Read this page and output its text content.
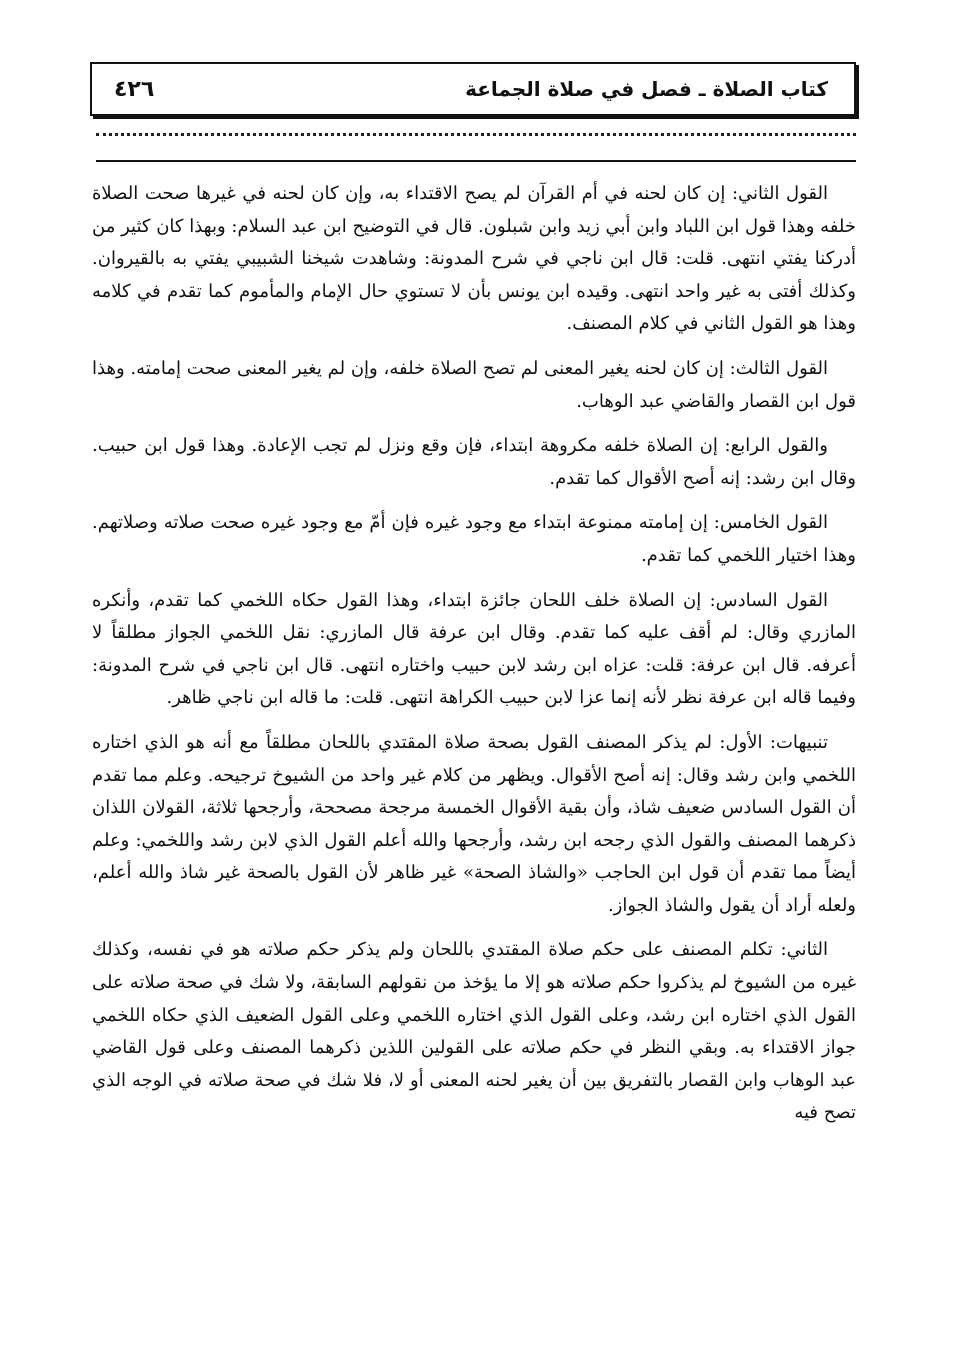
كتاب الصلاة ـ فصل في صلاة الجماعة
٤٢٦

القول الثاني: إن كان لحنه في أم القرآن لم يصح الاقتداء به، وإن كان لحنه في غيرها صحت الصلاة خلفه وهذا قول ابن اللباد وابن أبي زيد وابن شبلون. قال في التوضيح ابن عبد السلام: وبهذا كان كثير من أدركنا يفتي انتهى. قلت: قال ابن ناجي في شرح المدونة: وشاهدت شيخنا الشبيبي يفتي به بالقيروان. وكذلك أفتى به غير واحد انتهى. وقيده ابن يونس بأن لا تستوي حال الإمام والمأموم كما تقدم في كلامه وهذا هو القول الثاني في كلام المصنف.

القول الثالث: إن كان لحنه يغير المعنى لم تصح الصلاة خلفه، وإن لم يغير المعنى صحت إمامته. وهذا قول ابن القصار والقاضي عبد الوهاب.

والقول الرابع: إن الصلاة خلفه مكروهة ابتداء، فإن وقع ونزل لم تجب الإعادة. وهذا قول ابن حبيب. وقال ابن رشد: إنه أصح الأقوال كما تقدم.

القول الخامس: إن إمامته ممنوعة ابتداء مع وجود غيره فإن أمّ مع وجود غيره صحت صلاته وصلاتهم. وهذا اختيار اللخمي كما تقدم.

القول السادس: إن الصلاة خلف اللحان جائزة ابتداء، وهذا القول حكاه اللخمي كما تقدم، وأنكره المازري وقال: لم أقف عليه كما تقدم. وقال ابن عرفة قال المازري: نقل اللخمي الجواز مطلقاً لا أعرفه. قال ابن عرفة: قلت: عزاه ابن رشد لابن حبيب واختاره انتهى. قال ابن ناجي في شرح المدونة: وفيما قاله ابن عرفة نظر لأنه إنما عزا لابن حبيب الكراهة انتهى. قلت: ما قاله ابن ناجي ظاهر.

تنبيهات: الأول: لم يذكر المصنف القول بصحة صلاة المقتدي باللحان مطلقاً مع أنه هو الذي اختاره اللخمي وابن رشد وقال: إنه أصح الأقوال. ويظهر من كلام غير واحد من الشيوخ ترجيحه. وعلم مما تقدم أن القول السادس ضعيف شاذ، وأن بقية الأقوال الخمسة مرجحة مصححة، وأرجحها ثلاثة، القولان اللذان ذكرهما المصنف والقول الذي رجحه ابن رشد، وأرجحها والله أعلم القول الذي لابن رشد واللخمي: وعلم أيضاً مما تقدم أن قول ابن الحاجب «والشاذ الصحة» غير ظاهر لأن القول بالصحة غير شاذ والله أعلم، ولعله أراد أن يقول والشاذ الجواز.

الثاني: تكلم المصنف على حكم صلاة المقتدي باللحان ولم يذكر حكم صلاته هو في نفسه، وكذلك غيره من الشيوخ لم يذكروا حكم صلاته هو إلا ما يؤخذ من نقولهم السابقة، ولا شك في صحة صلاته على القول الذي اختاره ابن رشد، وعلى القول الذي اختاره اللخمي وعلى القول الضعيف الذي حكاه اللخمي جواز الاقتداء به. وبقي النظر في حكم صلاته على القولين اللذين ذكرهما المصنف وعلى قول القاضي عبد الوهاب وابن القصار بالتفريق بين أن يغير لحنه المعنى أو لا، فلا شك في صحة صلاته في الوجه الذي تصح فيه
